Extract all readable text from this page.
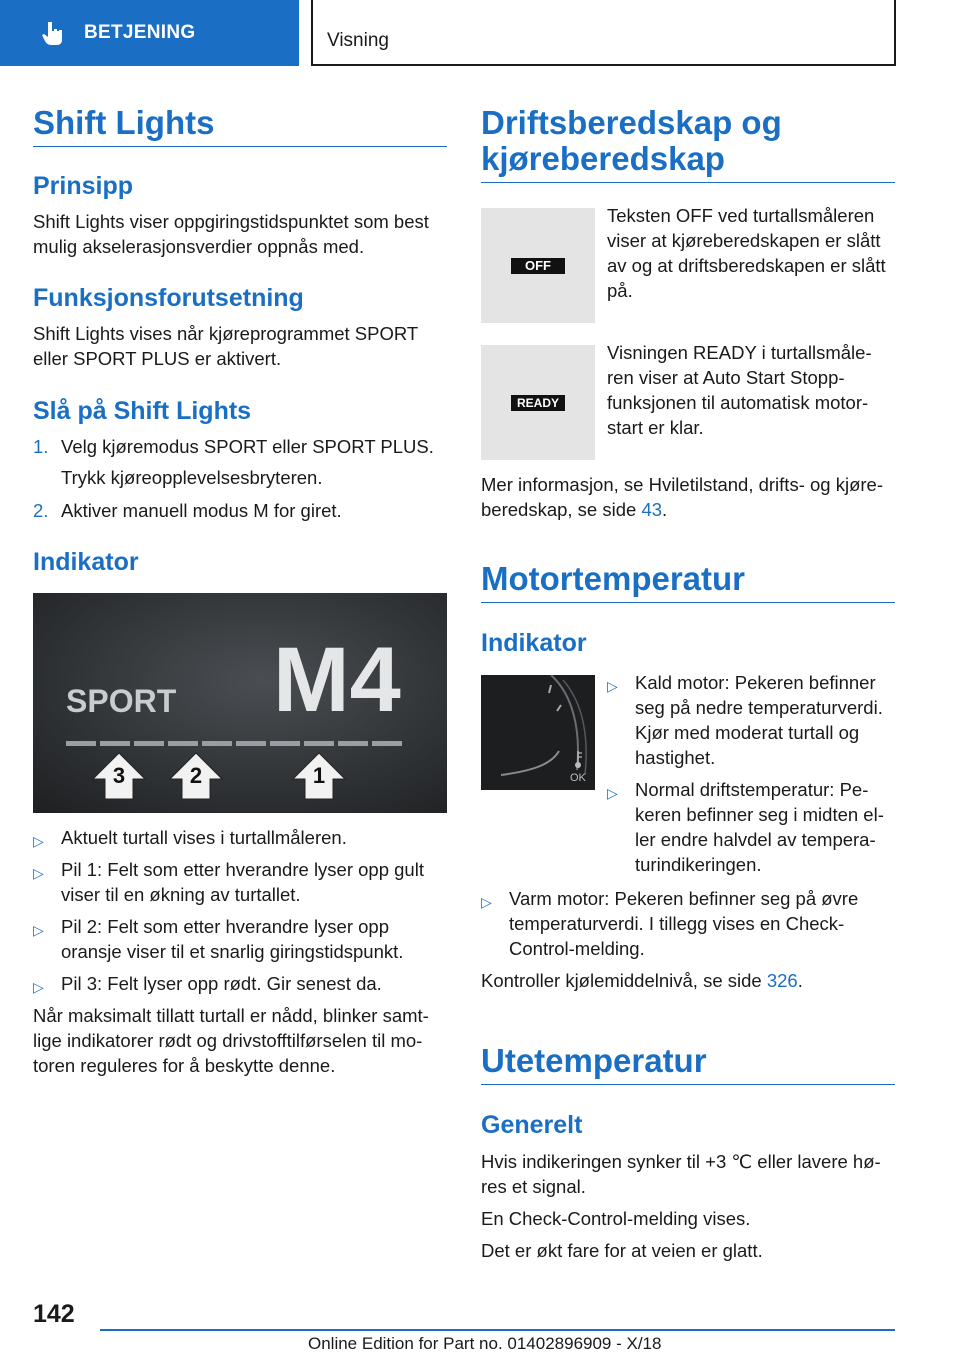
BETJENING	Visning
Shift Lights
Prinsipp
Shift Lights viser oppgiringstidspunktet som best
mulig akselerasjonsverdier oppnås med.
Funksjonsforutsetning
Shift Lights vises når kjøreprogrammet SPORT
eller SPORT PLUS er aktivert.
Slå på Shift Lights
1. Velg kjøremodus SPORT eller SPORT PLUS.
Trykk kjøreopplevelsesbryteren.
2. Aktiver manuell modus M for giret.
Indikator
SPORT M4
3	2	1
▷ Aktuelt turtall vises i turtallmåleren.
▷ Pil 1: Felt som etter hverandre lyser opp gult
viser til en økning av turtallet.
▷ Pil 2: Felt som etter hverandre lyser opp
oransje viser til et snarlig giringstidspunkt.
▷ Pil 3: Felt lyser opp rødt. Gir senest da.
Når maksimalt tillatt turtall er nådd, blinker samt-
lige indikatorer rødt og drivstofftilførselen til mo-
toren reguleres for å beskytte denne.
Driftsberedskap og
kjøreberedskap
OFF
Teksten OFF ved turtallsmåleren
viser at kjøreberedskapen er slått
av og at driftsberedskapen er slått
på.
READY
Visningen READY i turtallsmåle-
ren viser at Auto Start Stopp-
funksjonen til automatisk motor-
start er klar.
Mer informasjon, se Hviletilstand, drifts- og kjøre-
beredskap, se side 43.
Motortemperatur
Indikator
OK
▷ Kald motor: Pekeren befinner
seg på nedre temperaturverdi.
Kjør med moderat turtall og
hastighet.
▷ Normal driftstemperatur: Pe-
keren befinner seg i midten el-
ler endre halvdel av tempera-
turindikeringen.
▷ Varm motor: Pekeren befinner seg på øvre
temperaturverdi. I tillegg vises en Check-
Control-melding.
Kontroller kjølemiddelnivå, se side 326.
Utetemperatur
Generelt
Hvis indikeringen synker til +3 ℃ eller lavere hø-
res et signal.
En Check-Control-melding vises.
Det er økt fare for at veien er glatt.
142
Online Edition for Part no. 01402896909 - X/18
